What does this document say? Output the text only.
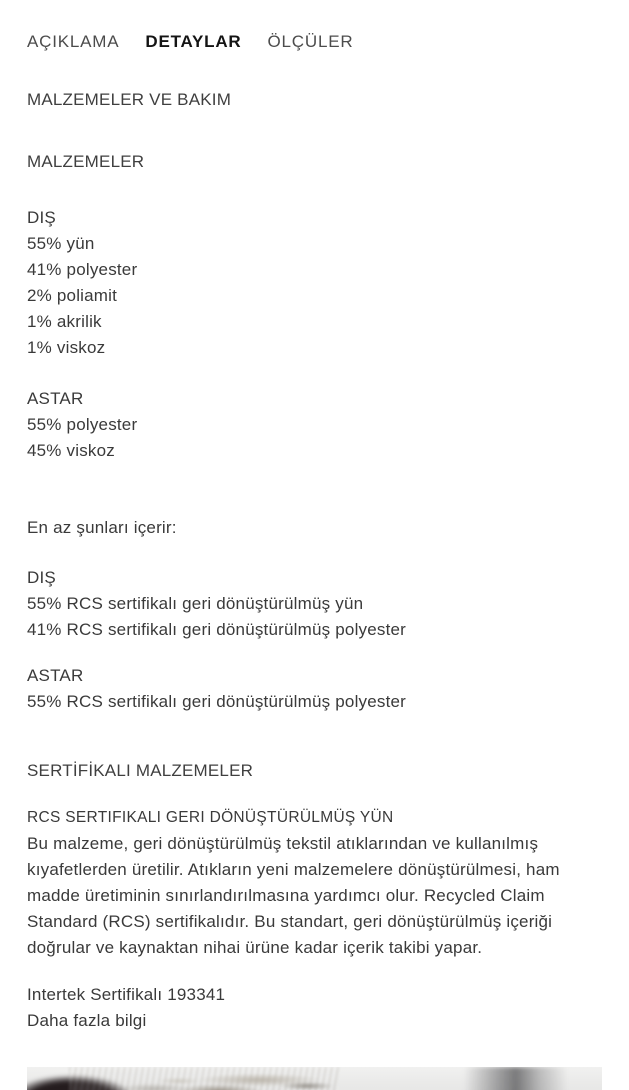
AÇIKLAMA DETAYLAR ÖLÇÜLER
MALZEMELER VE BAKIM
MALZEMELER
DIŞ
55% yün
41% polyester
2% poliamit
1% akrilik
1% viskoz
ASTAR
55% polyester
45% viskoz
En az şunları içerir:
DIŞ
55% RCS sertifikalı geri dönüştürülmüş yün
41% RCS sertifikalı geri dönüştürülmüş polyester
ASTAR
55% RCS sertifikalı geri dönüştürülmüş polyester
SERTİFİKALI MALZEMELER
RCS SERTIFIKALI GERI DÖNÜŞTÜRÜLMÜŞ YÜN
Bu malzeme, geri dönüştürülmüş tekstil atıklarından ve kullanılmış
kıyafetlerden üretilir. Atıkların yeni malzemelere dönüştürülmesi, ham
madde üretiminin sınırlandırılmasına yardımcı olur. Recycled Claim
Standard (RCS) sertifikalıdır. Bu standart, geri dönüştürülmüş içeriği
doğrular ve kaynaktan nihai ürüne kadar içerik takibi yapar.
Intertek Sertifikalı 193341
Daha fazla bilgi
